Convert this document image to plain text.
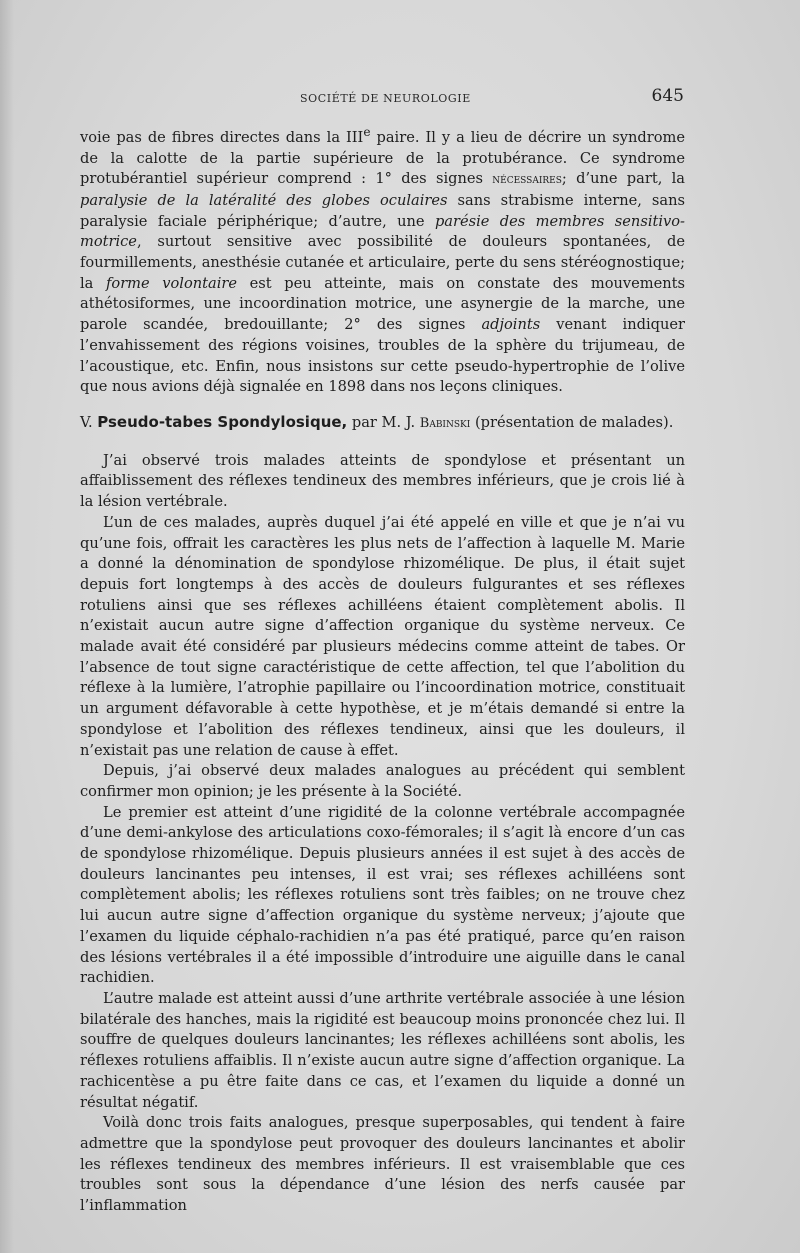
SOCIÉTÉ DE NEUROLOGIE	645

voie pas de fibres directes dans la IIIe paire. Il y a lieu de décrire un syndrome de la calotte de la partie supérieure de la protubérance. Ce syndrome protubérantiel supérieur comprend : 1° des signes nécessaires; d’une part, la paralysie de la latéralité des globes oculaires sans strabisme interne, sans paralysie faciale périphérique; d’autre, une parésie des membres sensitivo-motrice, surtout sensitive avec possibilité de douleurs spontanées, de fourmillements, anesthésie cutanée et articulaire, perte du sens stéréognostique; la forme volontaire est peu atteinte, mais on constate des mouvements athétosiformes, une incoordination motrice, une asynergie de la marche, une parole scandée, bredouillante; 2° des signes adjoints venant indiquer l’envahissement des régions voisines, troubles de la sphère du trijumeau, de l’acoustique, etc. Enfin, nous insistons sur cette pseudo-hypertrophie de l’olive que nous avions déjà signalée en 1898 dans nos leçons cliniques.

V. Pseudo-tabes Spondylosique, par M. J. Babinski (présentation de malades).

J’ai observé trois malades atteints de spondylose et présentant un affaiblissement des réflexes tendineux des membres inférieurs, que je crois lié à la lésion vertébrale.

L’un de ces malades, auprès duquel j’ai été appelé en ville et que je n’ai vu qu’une fois, offrait les caractères les plus nets de l’affection à laquelle M. Marie a donné la dénomination de spondylose rhizomélique. De plus, il était sujet depuis fort longtemps à des accès de douleurs fulgurantes et ses réflexes rotuliens ainsi que ses réflexes achilléens étaient complètement abolis. Il n’existait aucun autre signe d’affection organique du système nerveux. Ce malade avait été considéré par plusieurs médecins comme atteint de tabes. Or l’absence de tout signe caractéristique de cette affection, tel que l’abolition du réflexe à la lumière, l’atrophie papillaire ou l’incoordination motrice, constituait un argument défavorable à cette hypothèse, et je m’étais demandé si entre la spondylose et l’abolition des réflexes tendineux, ainsi que les douleurs, il n’existait pas une relation de cause à effet.

Depuis, j’ai observé deux malades analogues au précédent qui semblent confirmer mon opinion; je les présente à la Société.

Le premier est atteint d’une rigidité de la colonne vertébrale accompagnée d’une demi-ankylose des articulations coxo-fémorales; il s’agit là encore d’un cas de spondylose rhizomélique. Depuis plusieurs années il est sujet à des accès de douleurs lancinantes peu intenses, il est vrai; ses réflexes achilléens sont complètement abolis; les réflexes rotuliens sont très faibles; on ne trouve chez lui aucun autre signe d’affection organique du système nerveux; j’ajoute que l’examen du liquide céphalo-rachidien n’a pas été pratiqué, parce qu’en raison des lésions vertébrales il a été impossible d’introduire une aiguille dans le canal rachidien.

L’autre malade est atteint aussi d’une arthrite vertébrale associée à une lésion bilatérale des hanches, mais la rigidité est beaucoup moins prononcée chez lui. Il souffre de quelques douleurs lancinantes; les réflexes achilléens sont abolis, les réflexes rotuliens affaiblis. Il n’existe aucun autre signe d’affection organique. La rachicentèse a pu être faite dans ce cas, et l’examen du liquide a donné un résultat négatif.

Voilà donc trois faits analogues, presque superposables, qui tendent à faire admettre que la spondylose peut provoquer des douleurs lancinantes et abolir les réflexes tendineux des membres inférieurs. Il est vraisemblable que ces troubles sont sous la dépendance d’une lésion des nerfs causée par l’inflammation
